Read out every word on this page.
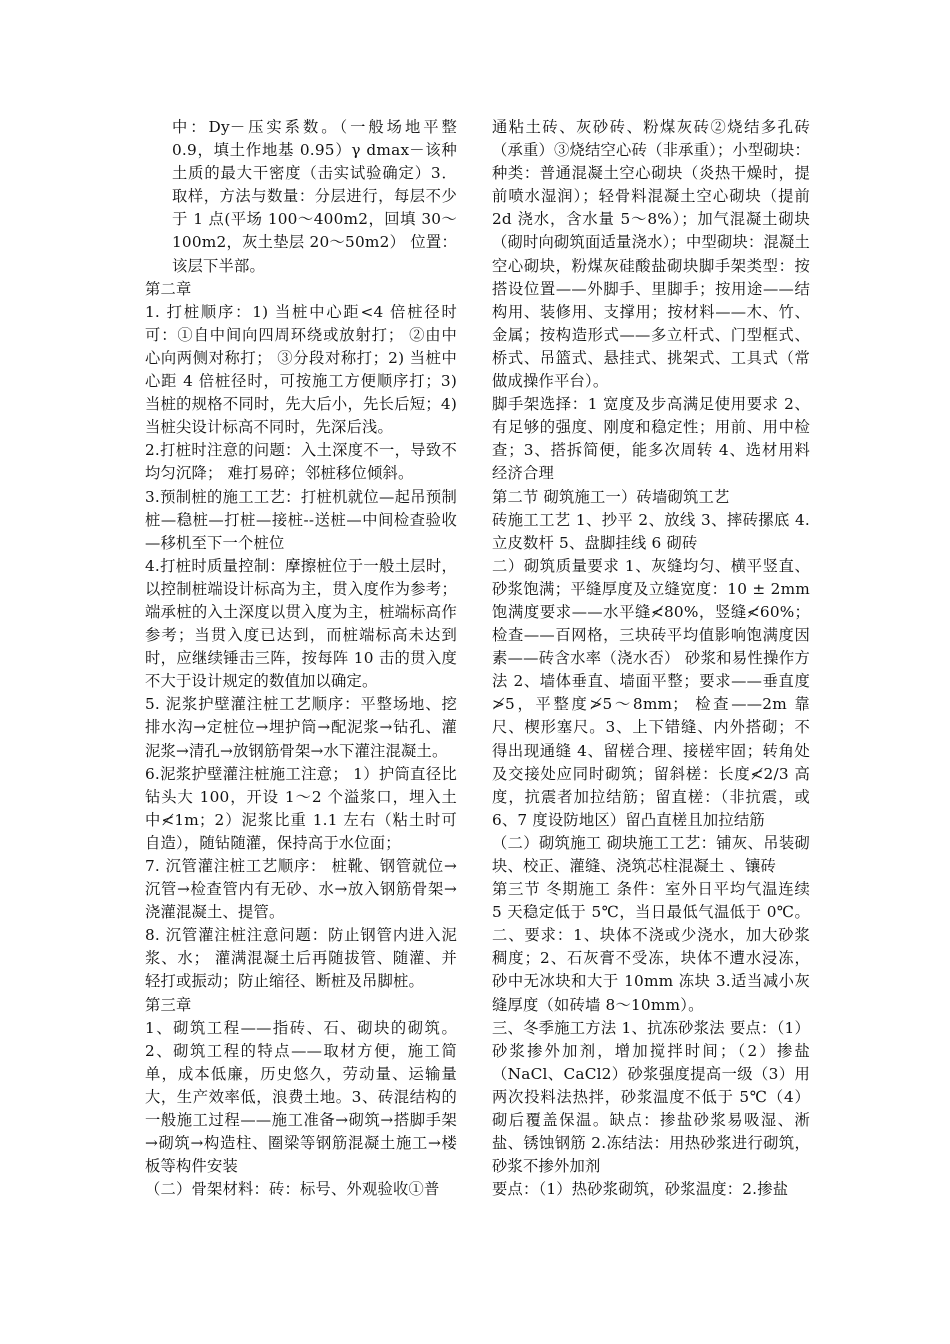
中：Dy－压实系数。（一般场地平整 0.9，填土作地基 0.95）γ dmax－该种土质的最大干密度（击实试验确定）3．取样，方法与数量：分层进行，每层不少于 1 点(平场 100～400m2，回填 30～100m2，灰土垫层 20～50m2） 位置：该层下半部。

第二章

1. 打桩顺序：1) 当桩中心距<4 倍桩径时可：①自中间向四周环绕或放射打； ②由中心向两侧对称打； ③分段对称打；2) 当桩中心距 4 倍桩径时，可按施工方便顺序打；3) 当桩的规格不同时，先大后小，先长后短；4) 当桩尖设计标高不同时，先深后浅。

2.打桩时注意的问题：入土深度不一，导致不均匀沉降； 难打易碎；邻桩移位倾斜。

3.预制桩的施工工艺：打桩机就位—起吊预制桩—稳桩—打桩—接桩--送桩—中间检查验收—移机至下一个桩位

4.打桩时质量控制：摩擦桩位于一般土层时，以控制桩端设计标高为主，贯入度作为参考；端承桩的入土深度以贯入度为主，桩端标高作参考；当贯入度已达到，而桩端标高未达到时，应继续锤击三阵，按每阵 10 击的贯入度不大于设计规定的数值加以确定。

5. 泥浆护壁灌注桩工艺顺序：平整场地、挖排水沟→定桩位→埋护筒→配泥浆→钻孔、灌泥浆→清孔→放钢筋骨架→水下灌注混凝土。

6.泥浆护壁灌注桩施工注意； 1）护筒直径比钻头大 100，开设 1～2 个溢浆口，埋入土中≮1m；2）泥浆比重 1.1 左右（粘土时可自造），随钻随灌，保持高于水位面；

7. 沉管灌注桩工艺顺序： 桩靴、钢管就位→沉管→检查管内有无砂、水→放入钢筋骨架→浇灌混凝土、提管。

8. 沉管灌注桩注意问题：防止钢管内进入泥浆、水； 灌满混凝土后再随拔管、随灌、并轻打或振动；防止缩径、断桩及吊脚桩。

第三章

1、砌筑工程——指砖、石、砌块的砌筑。2、砌筑工程的特点——取材方便，施工简单，成本低廉，历史悠久，劳动量、运输量大，生产效率低，浪费土地。3、砖混结构的一般施工过程——施工准备→砌筑→搭脚手架→砌筑→构造柱、圈梁等钢筋混凝土施工→楼板等构件安装

（二）骨架材料：砖：标号、外观验收①普

通粘土砖、灰砂砖、粉煤灰砖②烧结多孔砖（承重）③烧结空心砖（非承重）；小型砌块：种类：普通混凝土空心砌块（炎热干燥时，提前喷水湿润）；轻骨料混凝土空心砌块（提前 2d 浇水，含水量 5～8%）；加气混凝土砌块（砌时向砌筑面适量浇水）；中型砌块：混凝土空心砌块，粉煤灰硅酸盐砌块脚手架类型：按搭设位置——外脚手、里脚手；按用途——结构用、装修用、支撑用；按材料——木、竹、金属；按构造形式——多立杆式、门型框式、桥式、吊篮式、悬挂式、挑架式、工具式（常做成操作平台）。

脚手架选择：1 宽度及步高满足使用要求 2、有足够的强度、刚度和稳定性；用前、用中检查；3、搭拆简便，能多次周转 4、选材用料经济合理

第二节 砌筑施工一）砖墙砌筑工艺

砖施工工艺 1、抄平 2、放线 3、摔砖摞底 4.立皮数杆 5、盘脚挂线 6 砌砖

二）砌筑质量要求 1、灰缝均匀、横平竖直、砂浆饱满；平缝厚度及立缝宽度：10 ± 2mm 饱满度要求——水平缝≮80%，竖缝≮60%；检查——百网格，三块砖平均值影响饱满度因素——砖含水率（浇水否） 砂浆和易性操作方法 2、墙体垂直、墙面平整；要求——垂直度≯5，平整度≯5～8mm； 检查——2m 靠尺、楔形塞尺。3、上下错缝、内外搭砌；不得出现通缝 4、留槎合理、接槎牢固；转角处及交接处应同时砌筑；留斜槎：长度≮2/3 高度，抗震者加拉结筋；留直槎：（非抗震，或 6、7 度设防地区）留凸直槎且加拉结筋

（二）砌筑施工 砌块施工工艺：铺灰、吊装砌块、校正、灌缝、浇筑芯柱混凝土 、镶砖

第三节 冬期施工 条件：室外日平均气温连续 5 天稳定低于 5℃，当日最低气温低于 0℃。二、要求：1、块体不浇或少浇水，加大砂浆稠度；2、石灰膏不受冻，块体不遭水浸冻，砂中无冰块和大于 10mm 冻块 3.适当减小灰缝厚度（如砖墙 8～10mm）。

三、冬季施工方法 1、抗冻砂浆法 要点：（1）砂浆掺外加剂，增加搅拌时间；（2）掺盐（NaCl、CaCl2）砂浆强度提高一级（3）用两次投料法热拌，砂浆温度不低于 5℃（4）砌后覆盖保温。缺点：掺盐砂浆易吸湿、淅盐、锈蚀钢筋 2.冻结法：用热砂浆进行砌筑，砂浆不掺外加剂

要点：（1）热砂浆砌筑，砂浆温度：2.掺盐
